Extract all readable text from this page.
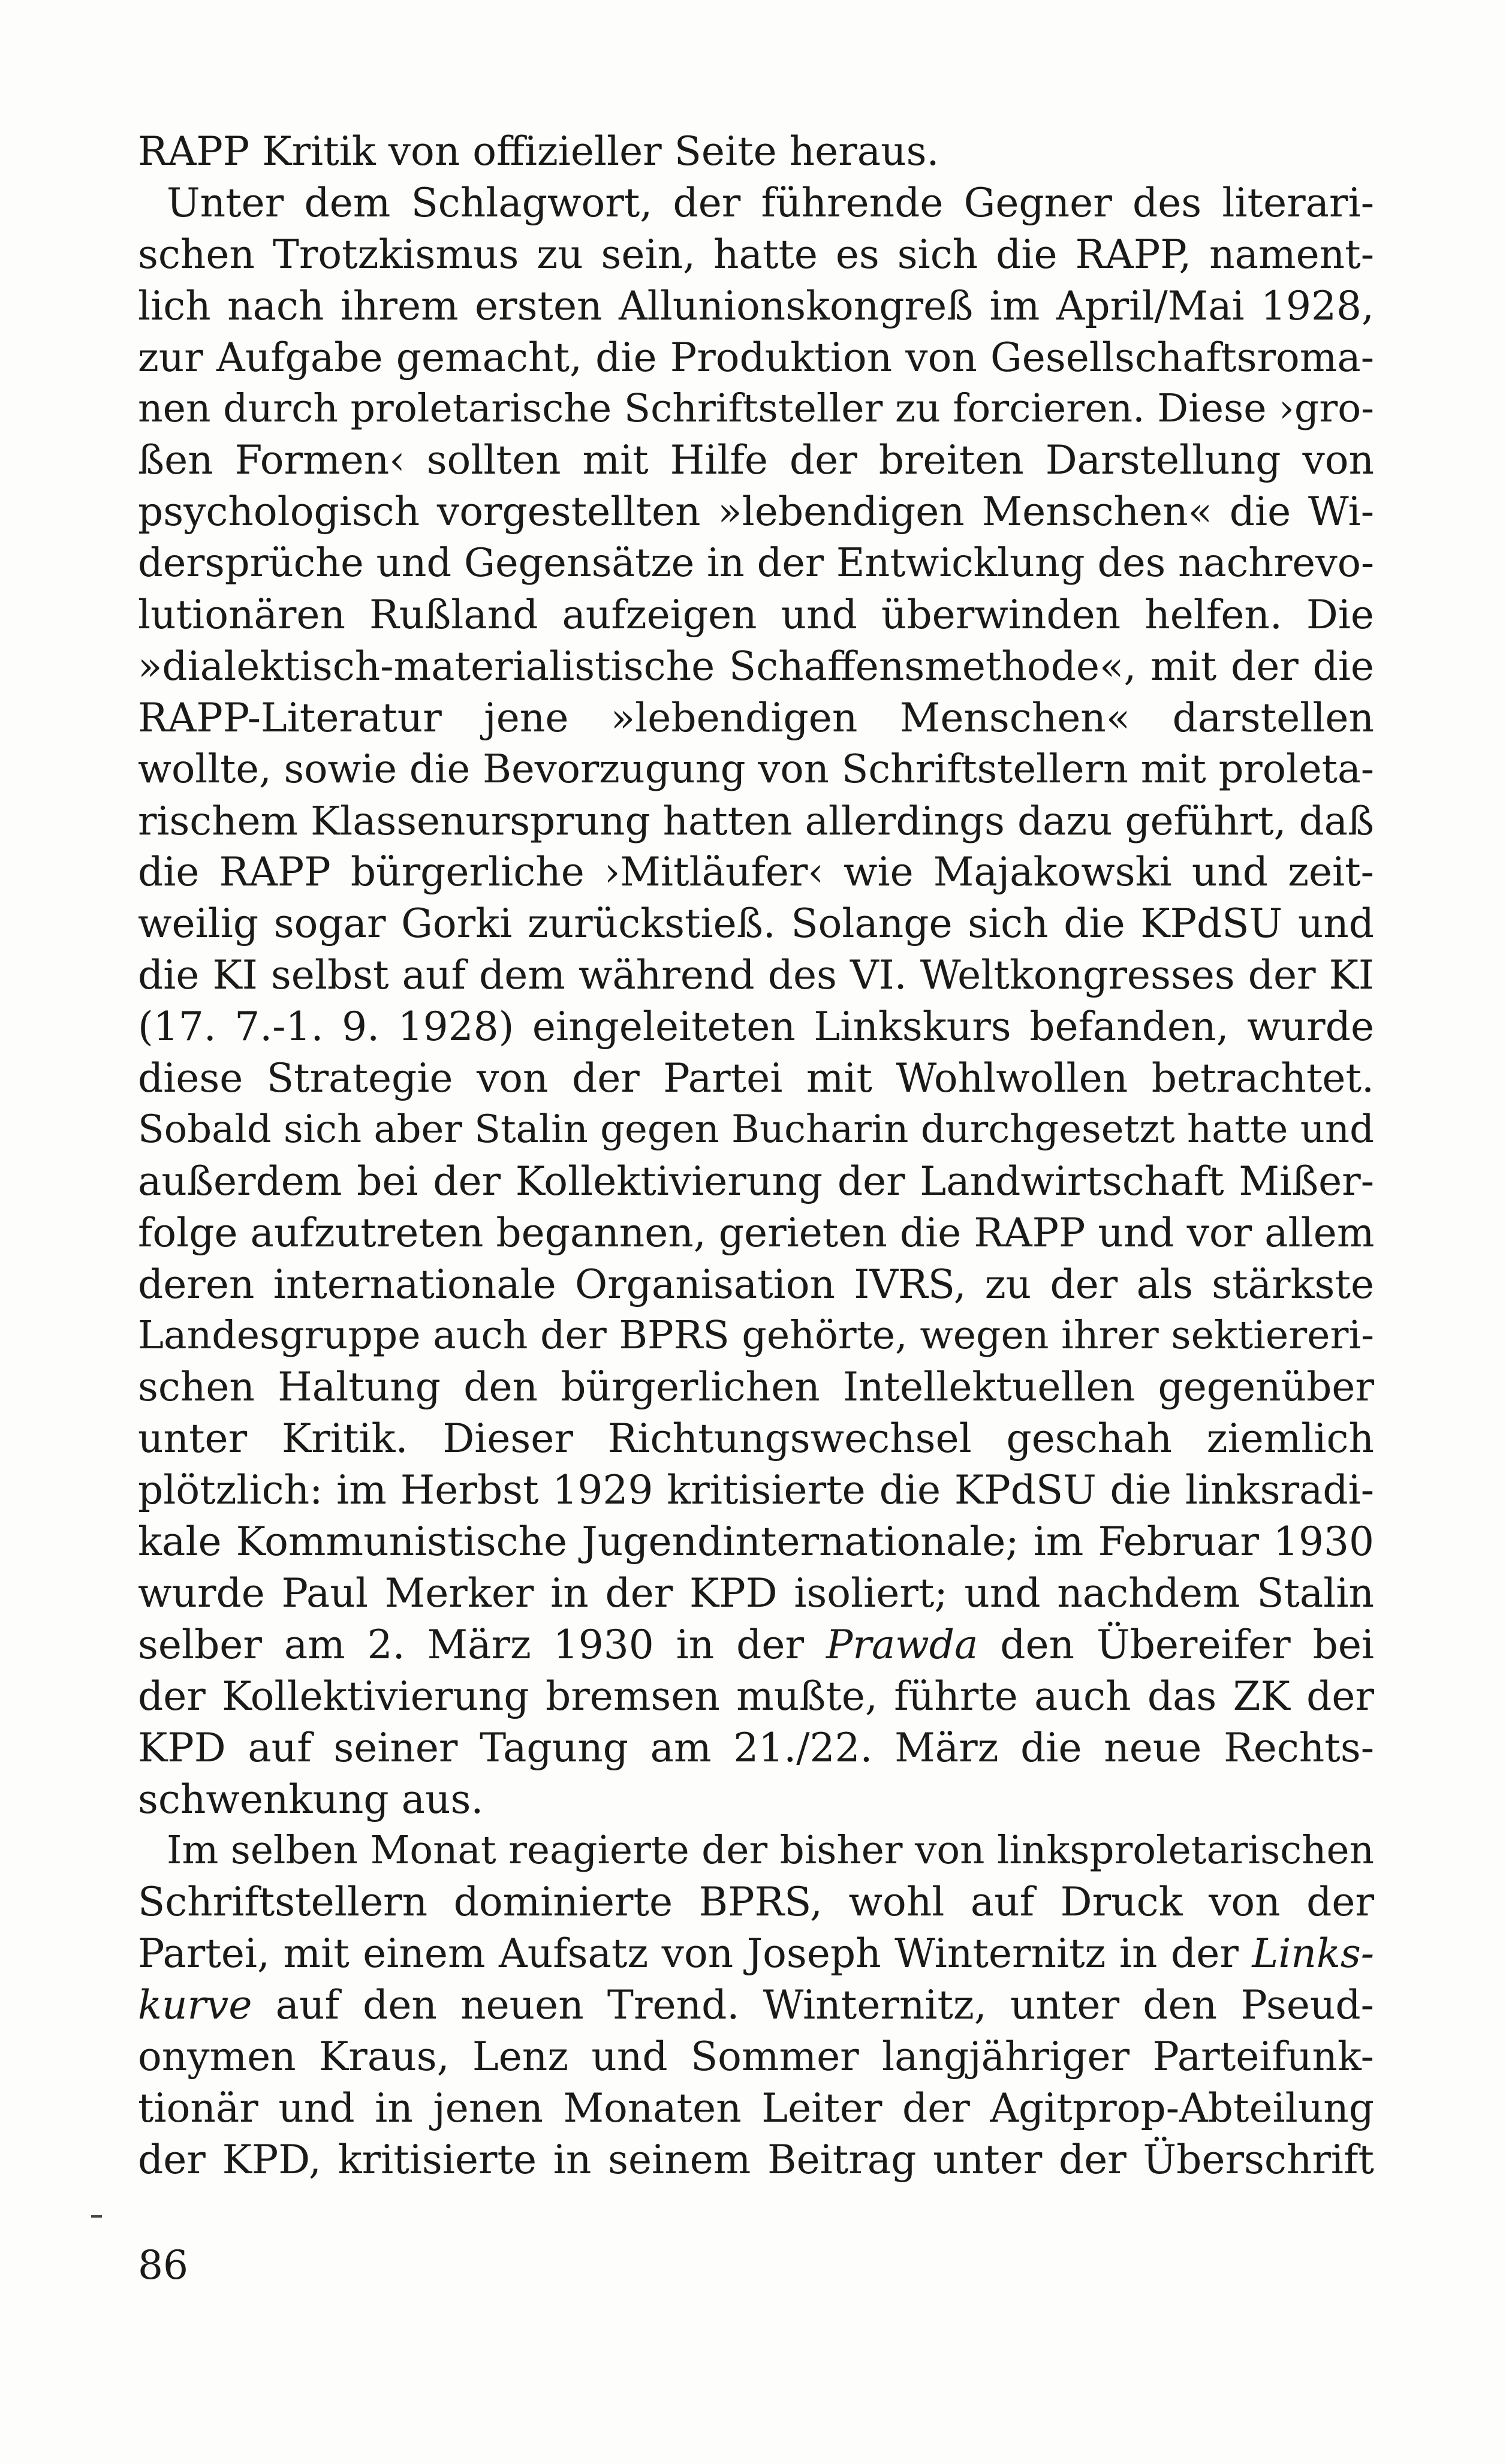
RAPP Kritik von offizieller Seite heraus.
Unter dem Schlagwort, der führende Gegner des literari-
schen Trotzkismus zu sein, hatte es sich die RAPP, nament-
lich nach ihrem ersten Allunionskongreß im April/Mai 1928,
zur Aufgabe gemacht, die Produktion von Gesellschaftsroma-
nen durch proletarische Schriftsteller zu forcieren. Diese ›gro-
ßen Formen‹ sollten mit Hilfe der breiten Darstellung von
psychologisch vorgestellten »lebendigen Menschen« die Wi-
dersprüche und Gegensätze in der Entwicklung des nachrevo-
lutionären Rußland aufzeigen und überwinden helfen. Die
»dialektisch-materialistische Schaffensmethode«, mit der die
RAPP-Literatur jene »lebendigen Menschen« darstellen
wollte, sowie die Bevorzugung von Schriftstellern mit proleta-
rischem Klassenursprung hatten allerdings dazu geführt, daß
die RAPP bürgerliche ›Mitläufer‹ wie Majakowski und zeit-
weilig sogar Gorki zurückstieß. Solange sich die KPdSU und
die KI selbst auf dem während des VI. Weltkongresses der KI
(17. 7.-1. 9. 1928) eingeleiteten Linkskurs befanden, wurde
diese Strategie von der Partei mit Wohlwollen betrachtet.
Sobald sich aber Stalin gegen Bucharin durchgesetzt hatte und
außerdem bei der Kollektivierung der Landwirtschaft Mißer-
folge aufzutreten begannen, gerieten die RAPP und vor allem
deren internationale Organisation IVRS, zu der als stärkste
Landesgruppe auch der BPRS gehörte, wegen ihrer sektiereri-
schen Haltung den bürgerlichen Intellektuellen gegenüber
unter Kritik. Dieser Richtungswechsel geschah ziemlich
plötzlich: im Herbst 1929 kritisierte die KPdSU die linksradi-
kale Kommunistische Jugendinternationale; im Februar 1930
wurde Paul Merker in der KPD isoliert; und nachdem Stalin
selber am 2. März 1930 in der Prawda den Übereifer bei
der Kollektivierung bremsen mußte, führte auch das ZK der
KPD auf seiner Tagung am 21./22. März die neue Rechts-
schwenkung aus.
Im selben Monat reagierte der bisher von linksproletarischen
Schriftstellern dominierte BPRS, wohl auf Druck von der
Partei, mit einem Aufsatz von Joseph Winternitz in der Links-
kurve auf den neuen Trend. Winternitz, unter den Pseud-
onymen Kraus, Lenz und Sommer langjähriger Parteifunk-
tionär und in jenen Monaten Leiter der Agitprop-Abteilung
der KPD, kritisierte in seinem Beitrag unter der Überschrift
86
